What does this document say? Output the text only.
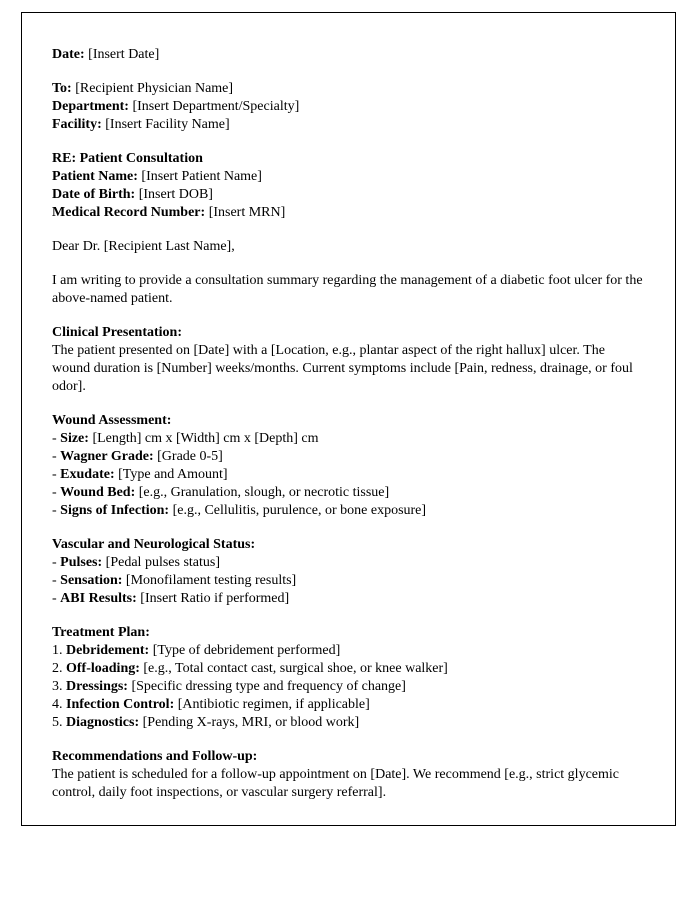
Date: [Insert Date]
To: [Recipient Physician Name]
Department: [Insert Department/Specialty]
Facility: [Insert Facility Name]
RE: Patient Consultation
Patient Name: [Insert Patient Name]
Date of Birth: [Insert DOB]
Medical Record Number: [Insert MRN]
Dear Dr. [Recipient Last Name],
I am writing to provide a consultation summary regarding the management of a diabetic foot ulcer for the above-named patient.
Clinical Presentation:
The patient presented on [Date] with a [Location, e.g., plantar aspect of the right hallux] ulcer. The wound duration is [Number] weeks/months. Current symptoms include [Pain, redness, drainage, or foul odor].
Wound Assessment:
- Size: [Length] cm x [Width] cm x [Depth] cm
- Wagner Grade: [Grade 0-5]
- Exudate: [Type and Amount]
- Wound Bed: [e.g., Granulation, slough, or necrotic tissue]
- Signs of Infection: [e.g., Cellulitis, purulence, or bone exposure]
Vascular and Neurological Status:
- Pulses: [Pedal pulses status]
- Sensation: [Monofilament testing results]
- ABI Results: [Insert Ratio if performed]
Treatment Plan:
1. Debridement: [Type of debridement performed]
2. Off-loading: [e.g., Total contact cast, surgical shoe, or knee walker]
3. Dressings: [Specific dressing type and frequency of change]
4. Infection Control: [Antibiotic regimen, if applicable]
5. Diagnostics: [Pending X-rays, MRI, or blood work]
Recommendations and Follow-up:
The patient is scheduled for a follow-up appointment on [Date]. We recommend [e.g., strict glycemic control, daily foot inspections, or vascular surgery referral].
